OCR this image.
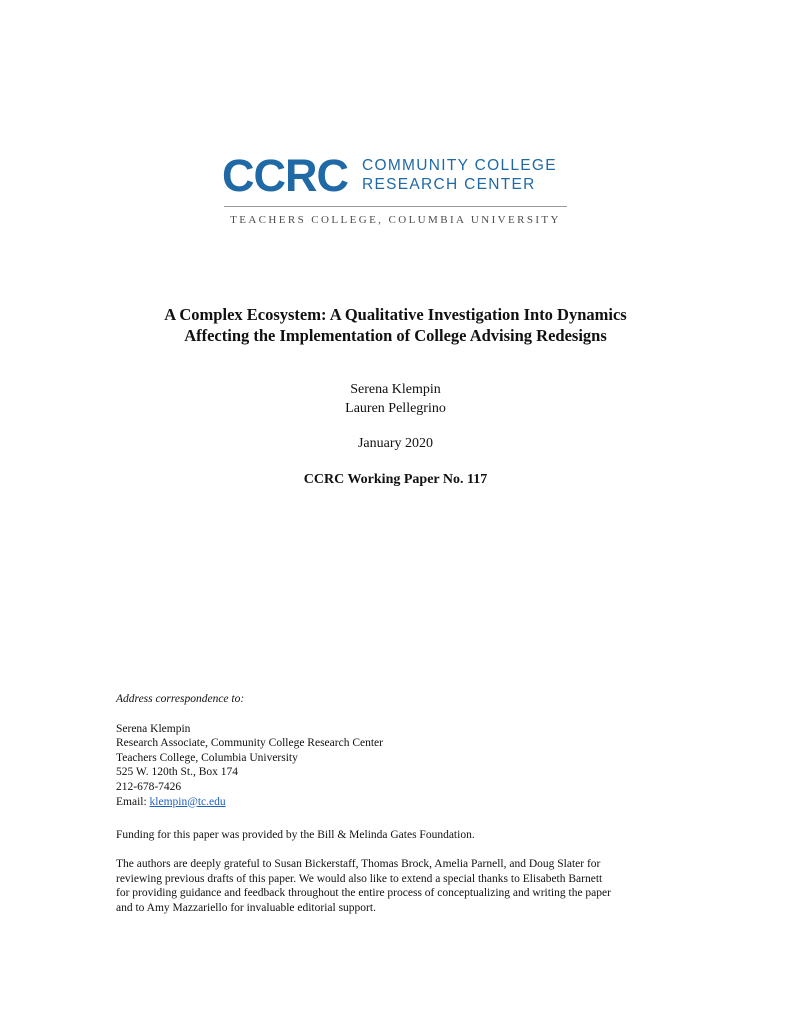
CCRC COMMUNITY COLLEGE
RESEARCH CENTER
TEACHERS COLLEGE, COLUMBIA UNIVERSITY
A Complex Ecosystem: A Qualitative Investigation Into Dynamics
Affecting the Implementation of College Advising Redesigns
Serena Klempin
Lauren Pellegrino
January 2020
CCRC Working Paper No. 117
Address correspondence to:
Serena Klempin
Research Associate, Community College Research Center
Teachers College, Columbia University
525 W. 120th St., Box 174
212-678-7426
Email: klempin@tc.edu
Funding for this paper was provided by the Bill & Melinda Gates Foundation.
The authors are deeply grateful to Susan Bickerstaff, Thomas Brock, Amelia Parnell, and Doug Slater for
reviewing previous drafts of this paper. We would also like to extend a special thanks to Elisabeth Barnett
for providing guidance and feedback throughout the entire process of conceptualizing and writing the paper
and to Amy Mazzariello for invaluable editorial support.
